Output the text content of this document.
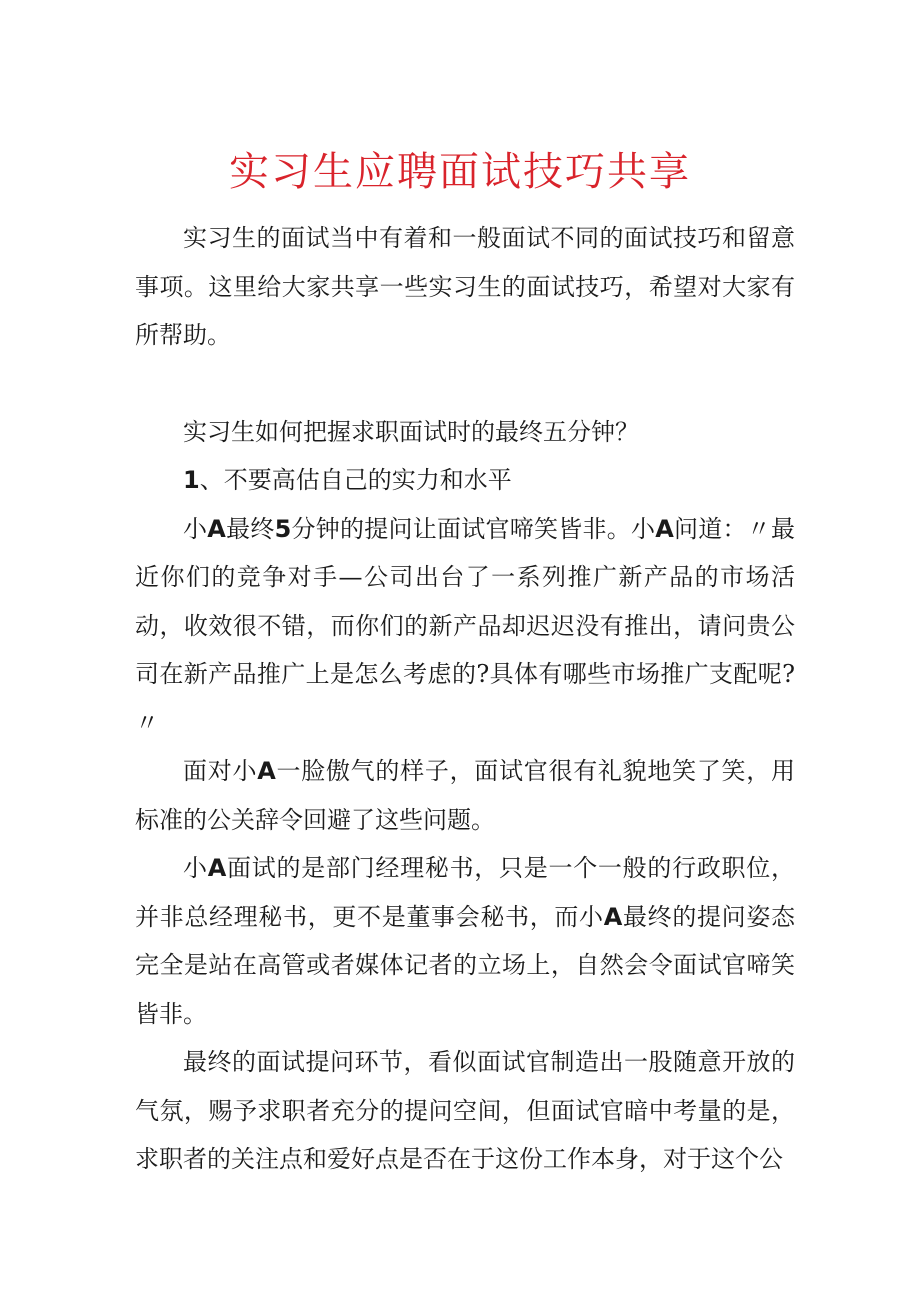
实习生应聘面试技巧共享

实习生的面试当中有着和一般面试不同的面试技巧和留意事项。这里给大家共享一些实习生的面试技巧，希望对大家有所帮助。

实习生如何把握求职面试时的最终五分钟？

1、不要高估自己的实力和水平

小A最终5分钟的提问让面试官啼笑皆非。小A问道：〃最近你们的竞争对手—公司出台了一系列推广新产品的市场活动，收效很不错，而你们的新产品却迟迟没有推出，请问贵公司在新产品推广上是怎么考虑的?具体有哪些市场推广支配呢?〃

面对小A一脸傲气的样子，面试官很有礼貌地笑了笑，用标准的公关辞令回避了这些问题。

小A面试的是部门经理秘书，只是一个一般的行政职位，并非总经理秘书，更不是董事会秘书，而小A最终的提问姿态完全是站在高管或者媒体记者的立场上，自然会令面试官啼笑皆非。

最终的面试提问环节，看似面试官制造出一股随意开放的气氛，赐予求职者充分的提问空间，但面试官暗中考量的是，求职者的关注点和爱好点是否在于这份工作本身，对于这个公
